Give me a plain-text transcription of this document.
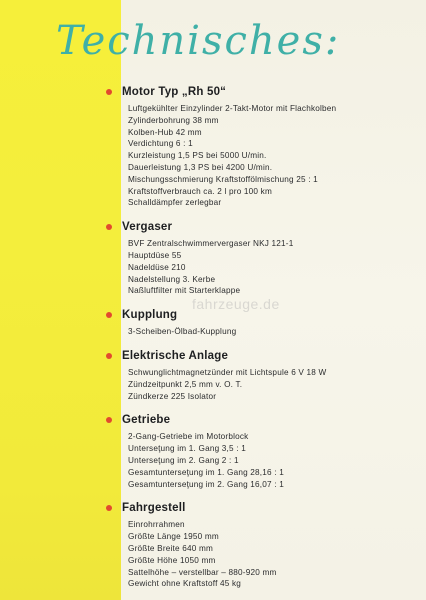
Technisches:
fahrzeuge.de
Motor Typ „Rh 50“
Luftgekühlter Einzylinder 2-Takt-Motor mit Flachkolben
Zylinderbohrung 38 mm
Kolben-Hub 42 mm
Verdichtung 6 : 1
Kurzleistung 1,5 PS bei 5000 U/min.
Dauerleistung 1,3 PS bei 4200 U/min.
Mischungsschmierung Kraftstoffölmischung 25 : 1
Kraftstoffverbrauch ca. 2 l pro 100 km
Schalldämpfer zerlegbar
Vergaser
BVF Zentralschwimmervergaser NKJ 121-1
Hauptdüse 55
Nadeldüse 210
Nadelstellung 3. Kerbe
Naßluftfilter mit Starterklappe
Kupplung
3-Scheiben-Ölbad-Kupplung
Elektrische Anlage
Schwunglichtmagnetzünder mit Lichtspule 6 V 18 W
Zündzeitpunkt 2,5 mm v. O. T.
Zündkerze 225 Isolator
Getriebe
2-Gang-Getriebe im Motorblock
Unterseţung im 1. Gang 3,5 : 1
Unterseţung im 2. Gang 2 : 1
Gesamtunterseţung im 1. Gang 28,16 : 1
Gesamtunterseţung im 2. Gang 16,07 : 1
Fahrgestell
Einrohrrahmen
Größte Länge 1950 mm
Größte Breite 640 mm
Größte Höhe 1050 mm
Sattelhöhe – verstellbar – 880-920 mm
Gewicht ohne Kraftstoff 45 kg
